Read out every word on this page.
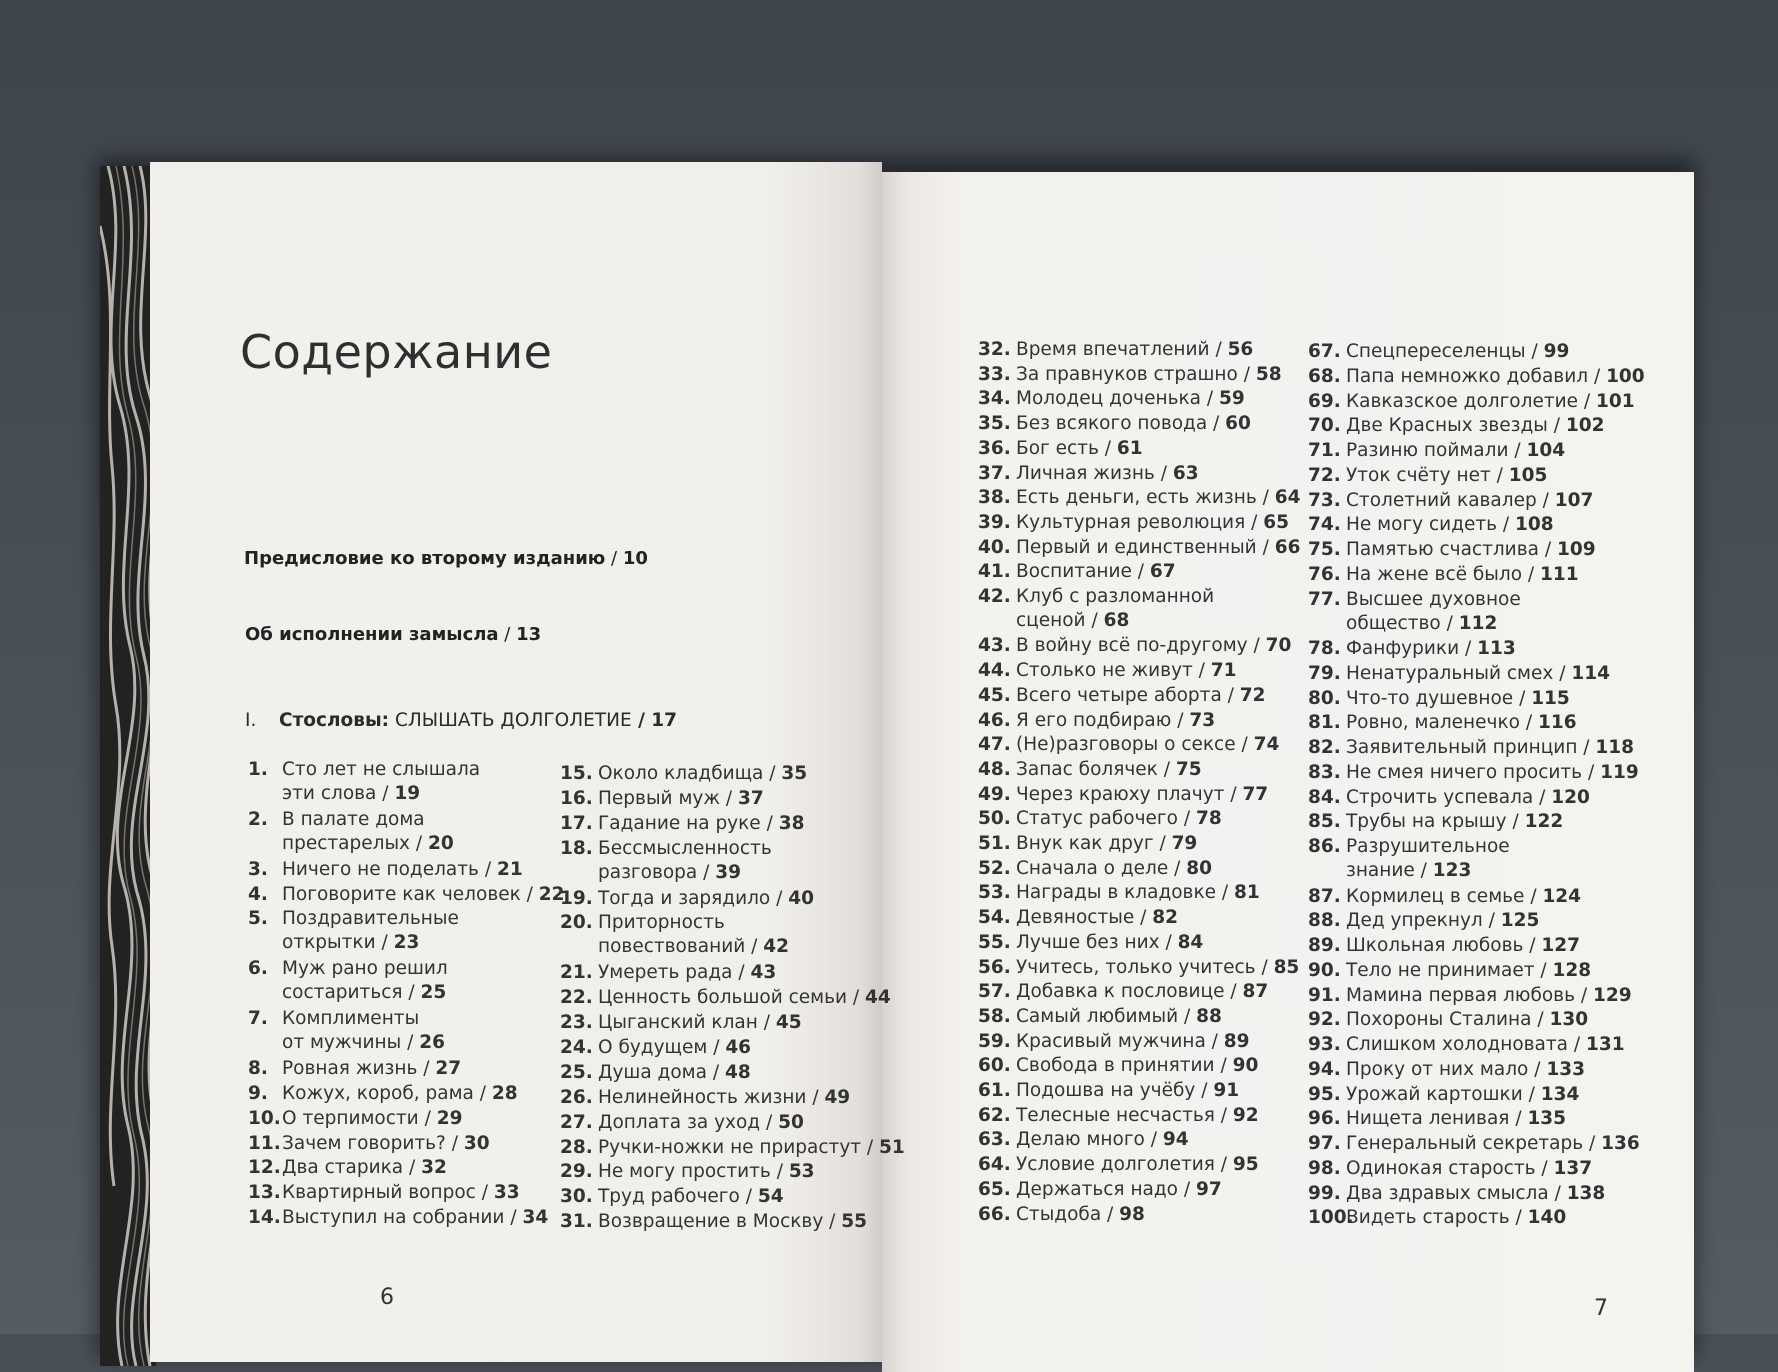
Содержание
Предисловие ко второму изданию / 10
Об исполнении замысла / 13
I. Стословы: СЛЫШАТЬ ДОЛГОЛЕТИЕ / 17
1. Сто лет не слышала
эти слова / 19
2. В палате дома
престарелых / 20
3. Ничего не поделать / 21
4. Поговорите как человек / 22
5. Поздравительные
открытки / 23
6. Муж рано решил
состариться / 25
7. Комплименты
от мужчины / 26
8. Ровная жизнь / 27
9. Кожух, короб, рама / 28
10.О терпимости / 29
11.Зачем говорить? / 30
12.Два старика / 32
13.Квартирный вопрос / 33
14.Выступил на собрании / 34
15. Около кладбища / 35
16. Первый муж / 37
17. Гадание на руке / 38
18. Бессмысленность
разговора / 39
19. Тогда и зарядило / 40
20. Приторность
повествований / 42
21. Умереть рада / 43
22. Ценность большой семьи / 44
23. Цыганский клан / 45
24. О будущем / 46
25. Душа дома / 48
26. Нелинейность жизни / 49
27. Доплата за уход / 50
28. Ручки-ножки не прирастут / 51
29. Не могу простить / 53
30. Труд рабочего / 54
31. Возвращение в Москву / 55
32. Время впечатлений / 56
33. За правнуков страшно / 58
34. Молодец доченька / 59
35. Без всякого повода / 60
36. Бог есть / 61
37. Личная жизнь / 63
38. Есть деньги, есть жизнь / 64
39. Культурная революция / 65
40. Первый и единственный / 66
41. Воспитание / 67
42. Клуб с разломанной
сценой / 68
43. В войну всё по-другому / 70
44. Столько не живут / 71
45. Всего четыре аборта / 72
46. Я его подбираю / 73
47. (Не)разговоры о сексе / 74
48. Запас болячек / 75
49. Через краюху плачут / 77
50. Статус рабочего / 78
51. Внук как друг / 79
52. Сначала о деле / 80
53. Награды в кладовке / 81
54. Девяностые / 82
55. Лучше без них / 84
56. Учитесь, только учитесь / 85
57. Добавка к пословице / 87
58. Самый любимый / 88
59. Красивый мужчина / 89
60. Свобода в принятии / 90
61. Подошва на учёбу / 91
62. Телесные несчастья / 92
63. Делаю много / 94
64. Условие долголетия / 95
65. Держаться надо / 97
66. Стыдоба / 98
67. Спецпереселенцы / 99
68. Папа немножко добавил / 100
69. Кавказское долголетие / 101
70. Две Красных звезды / 102
71. Разиню поймали / 104
72. Уток счёту нет / 105
73. Столетний кавалер / 107
74. Не могу сидеть / 108
75. Памятью счастлива / 109
76. На жене всё было / 111
77. Высшее духовное
общество / 112
78. Фанфурики / 113
79. Ненатуральный смех / 114
80. Что-то душевное / 115
81. Ровно, маленечко / 116
82. Заявительный принцип / 118
83. Не смея ничего просить / 119
84. Строчить успевала / 120
85. Трубы на крышу / 122
86. Разрушительное
знание / 123
87. Кормилец в семье / 124
88. Дед упрекнул / 125
89. Школьная любовь / 127
90. Тело не принимает / 128
91. Мамина первая любовь / 129
92. Похороны Сталина / 130
93. Слишком холодновата / 131
94. Проку от них мало / 133
95. Урожай картошки / 134
96. Нищета ленивая / 135
97. Генеральный секретарь / 136
98. Одинокая старость / 137
99. Два здравых смысла / 138
100.Видеть старость / 140
6	7
